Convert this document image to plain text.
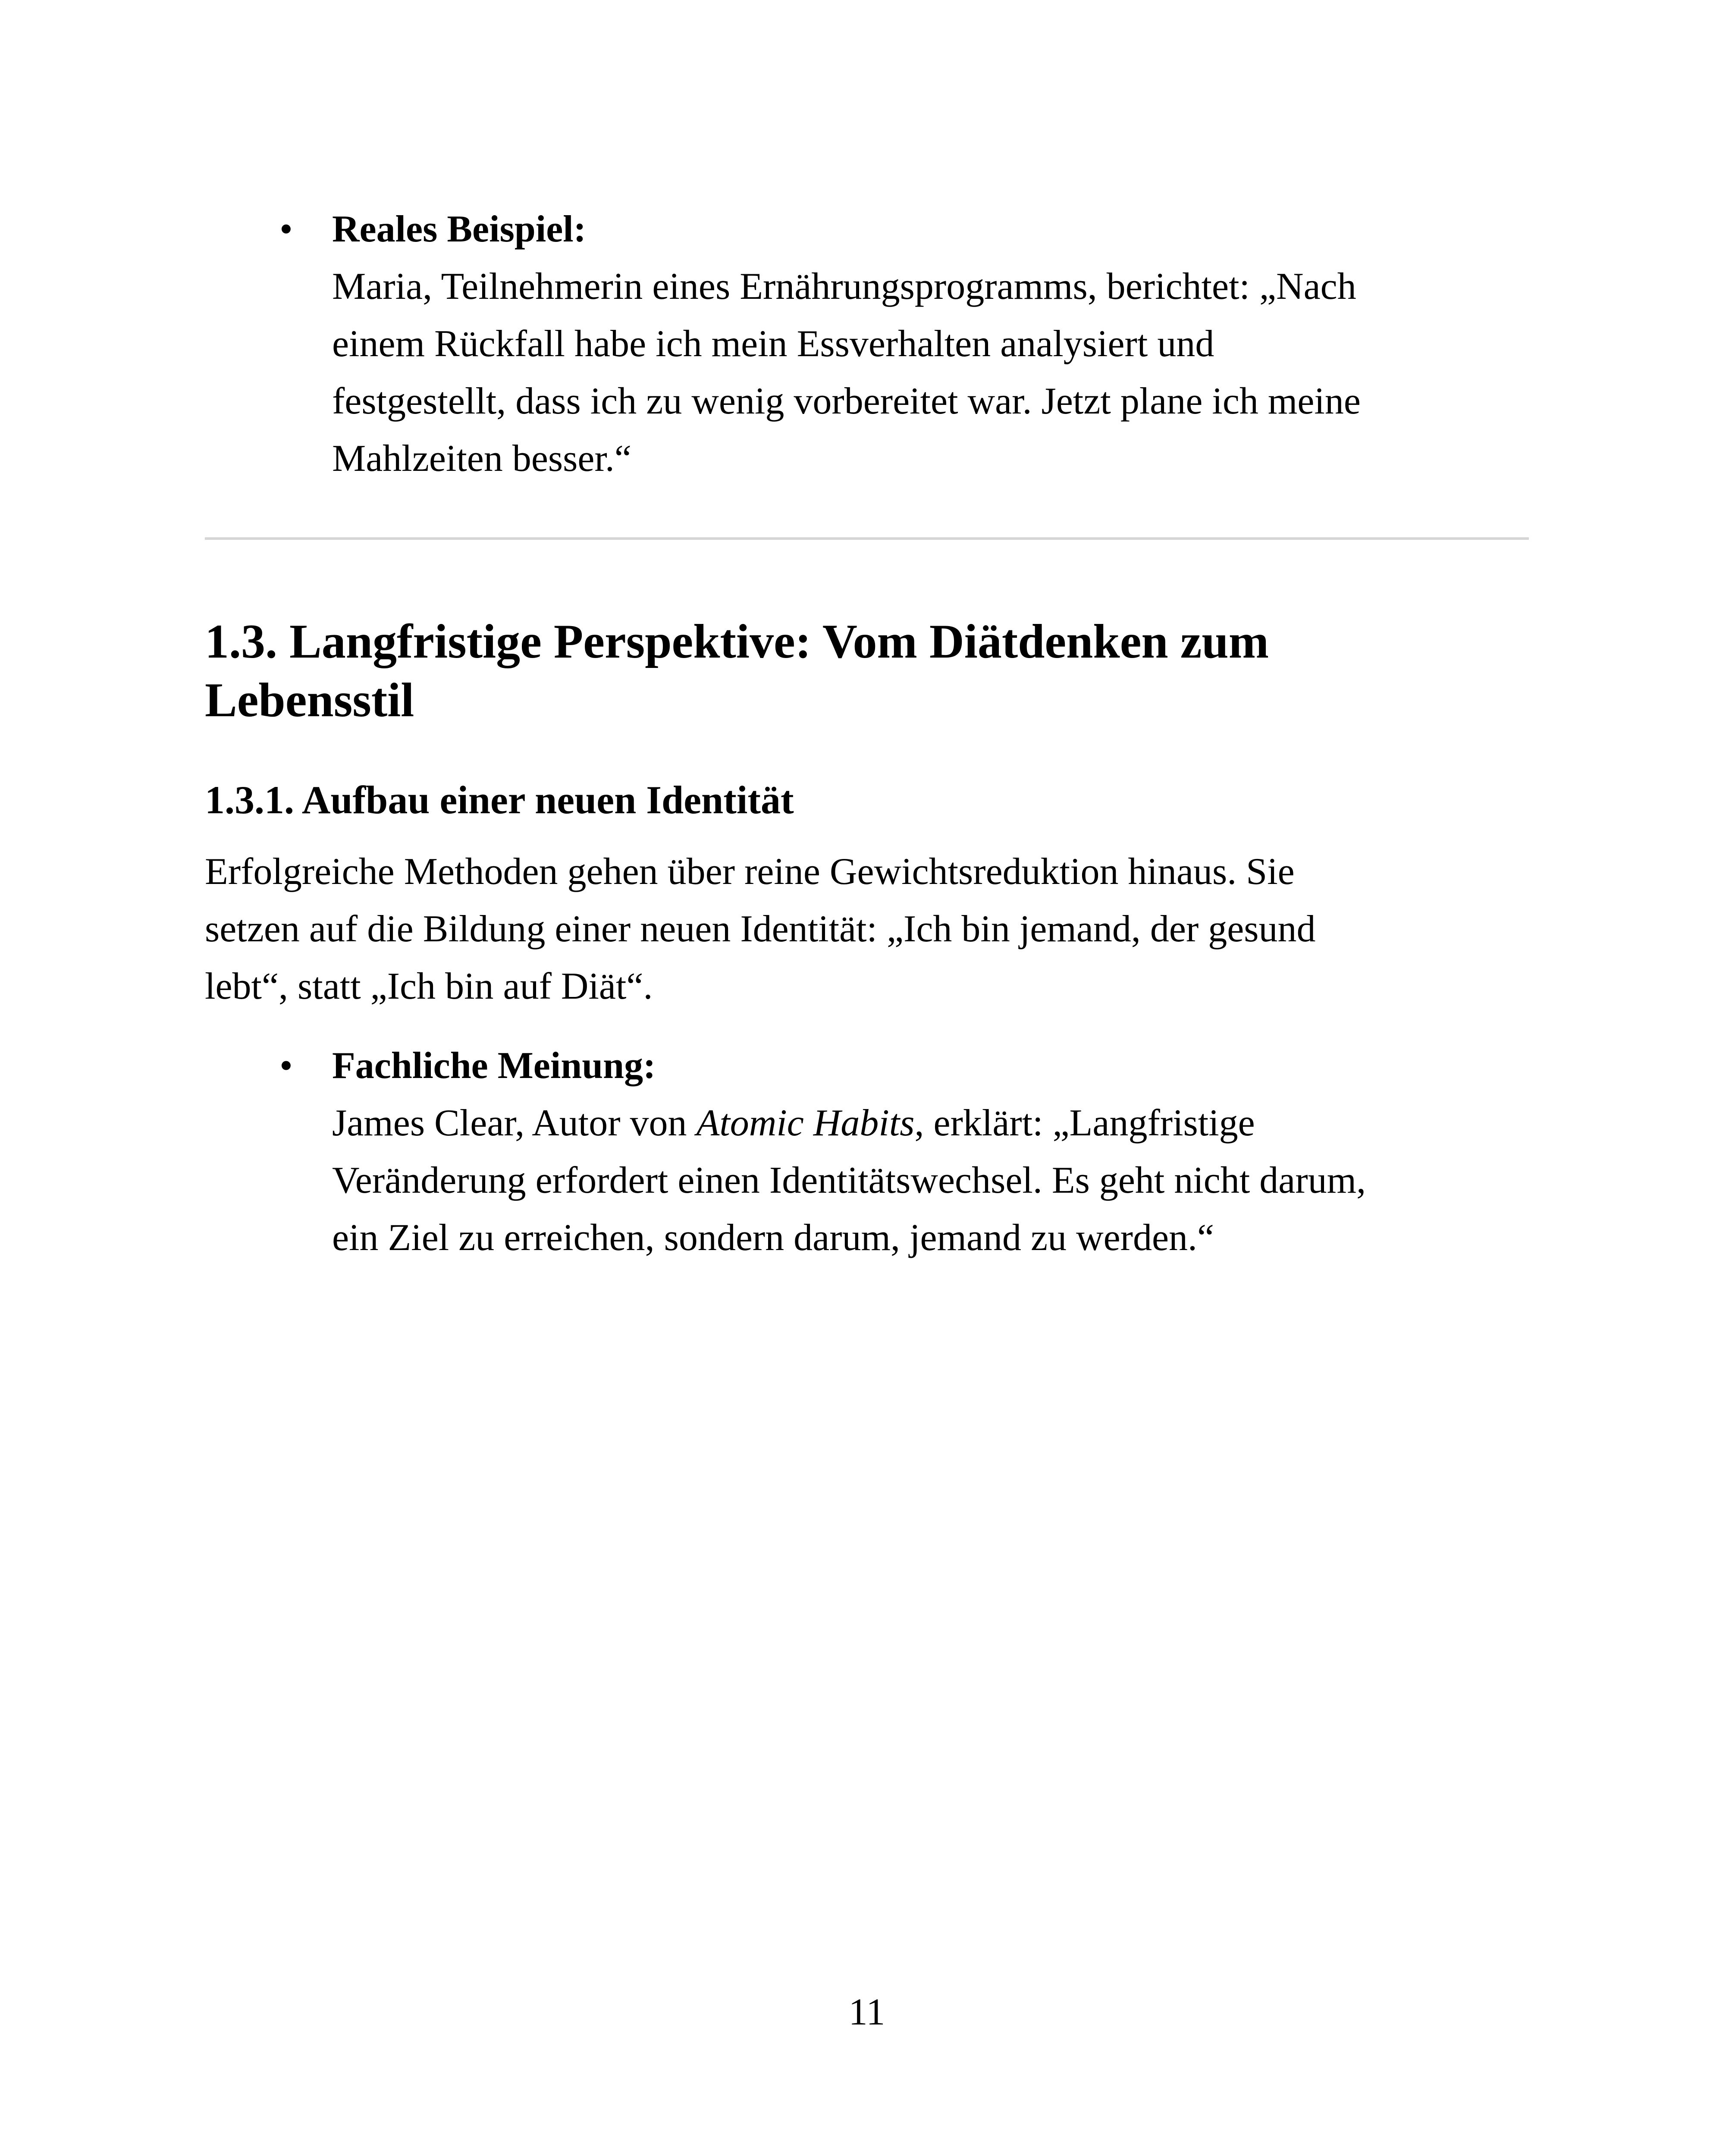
• Reales Beispiel:
Maria, Teilnehmerin eines Ernährungsprogramms, berichtet: „Nach
einem Rückfall habe ich mein Essverhalten analysiert und
festgestellt, dass ich zu wenig vorbereitet war. Jetzt plane ich meine
Mahlzeiten besser.“
1.3. Langfristige Perspektive: Vom Diätdenken zum
Lebensstil
1.3.1. Aufbau einer neuen Identität
Erfolgreiche Methoden gehen über reine Gewichtsreduktion hinaus. Sie
setzen auf die Bildung einer neuen Identität: „Ich bin jemand, der gesund
lebt“, statt „Ich bin auf Diät“.
• Fachliche Meinung:
James Clear, Autor von Atomic Habits, erklärt: „Langfristige
Veränderung erfordert einen Identitätswechsel. Es geht nicht darum,
ein Ziel zu erreichen, sondern darum, jemand zu werden.“
11
